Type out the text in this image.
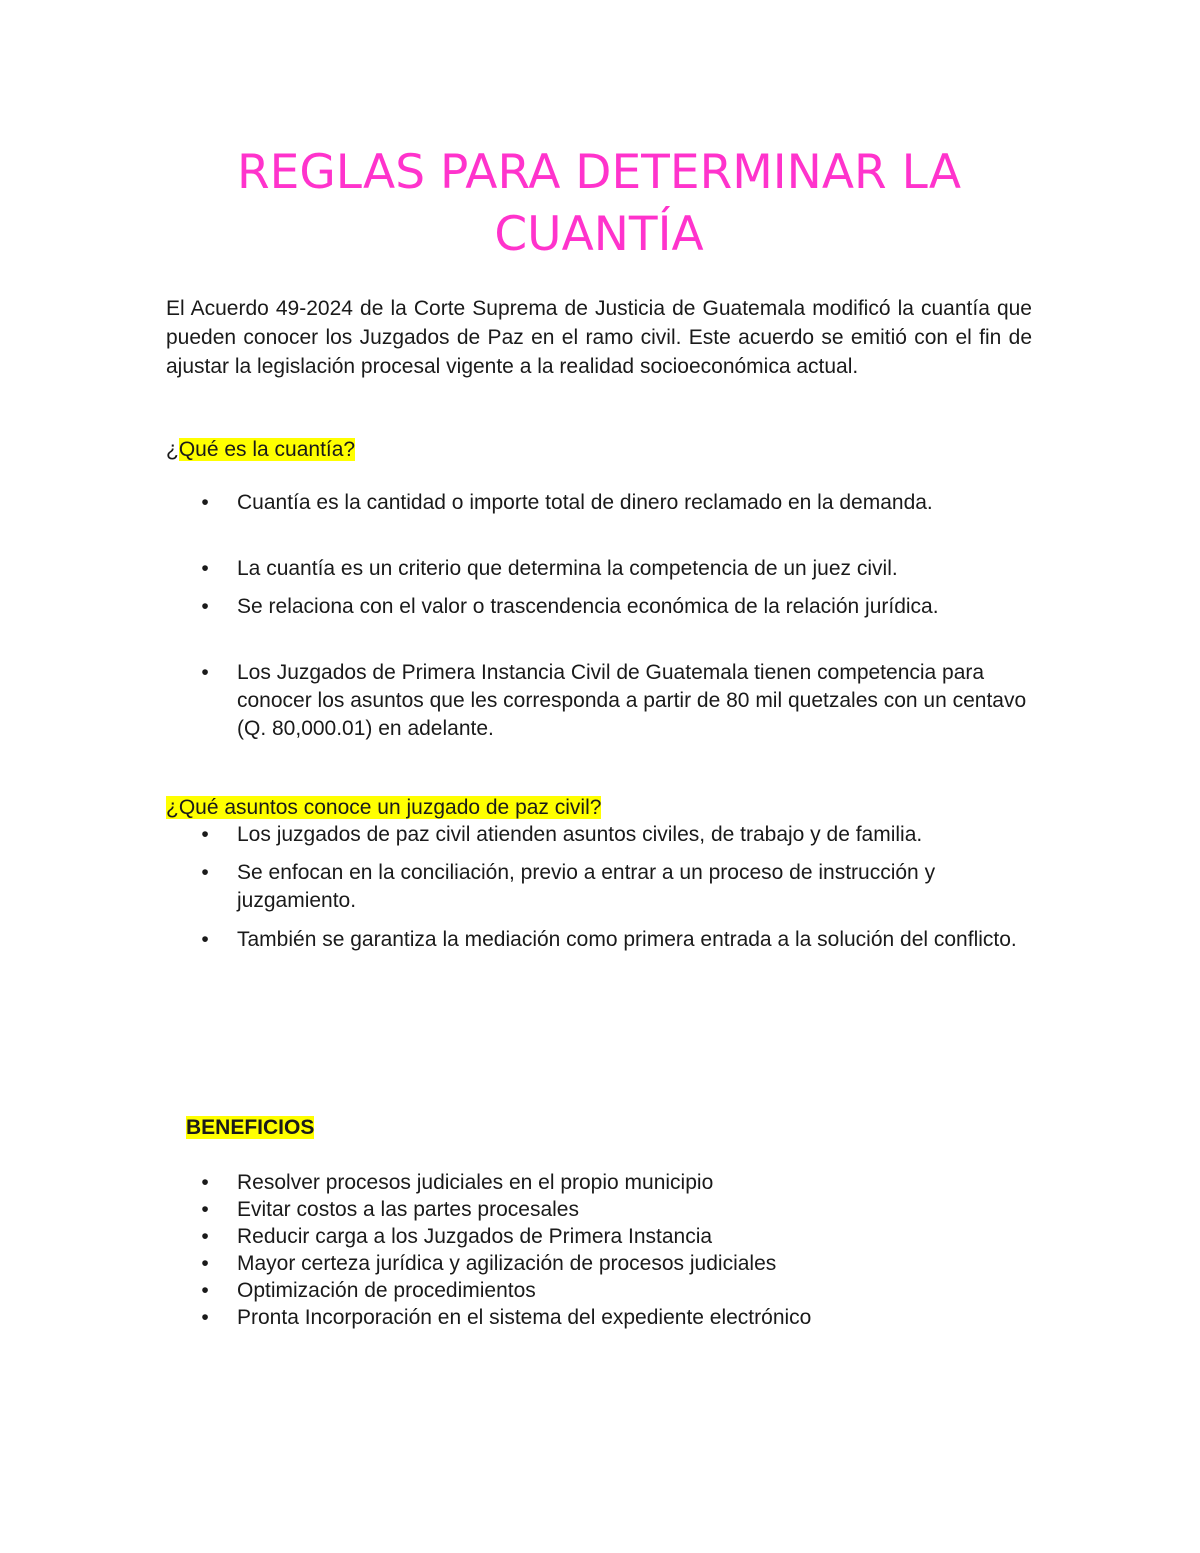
REGLAS PARA DETERMINAR LA CUANTÍA

El Acuerdo 49-2024 de la Corte Suprema de Justicia de Guatemala modificó la cuantía que pueden conocer los Juzgados de Paz en el ramo civil. Este acuerdo se emitió con el fin de ajustar la legislación procesal vigente a la realidad socioeconómica actual.

¿Qué es la cuantía?

• Cuantía es la cantidad o importe total de dinero reclamado en la demanda.
• La cuantía es un criterio que determina la competencia de un juez civil.
• Se relaciona con el valor o trascendencia económica de la relación jurídica.
• Los Juzgados de Primera Instancia Civil de Guatemala tienen competencia para conocer los asuntos que les corresponda a partir de 80 mil quetzales con un centavo (Q. 80,000.01) en adelante.

¿Qué asuntos conoce un juzgado de paz civil?

• Los juzgados de paz civil atienden asuntos civiles, de trabajo y de familia.
• Se enfocan en la conciliación, previo a entrar a un proceso de instrucción y juzgamiento.
• También se garantiza la mediación como primera entrada a la solución del conflicto.

BENEFICIOS

• Resolver procesos judiciales en el propio municipio
• Evitar costos a las partes procesales
• Reducir carga a los Juzgados de Primera Instancia
• Mayor certeza jurídica y agilización de procesos judiciales
• Optimización de procedimientos
• Pronta Incorporación en el sistema del expediente electrónico
